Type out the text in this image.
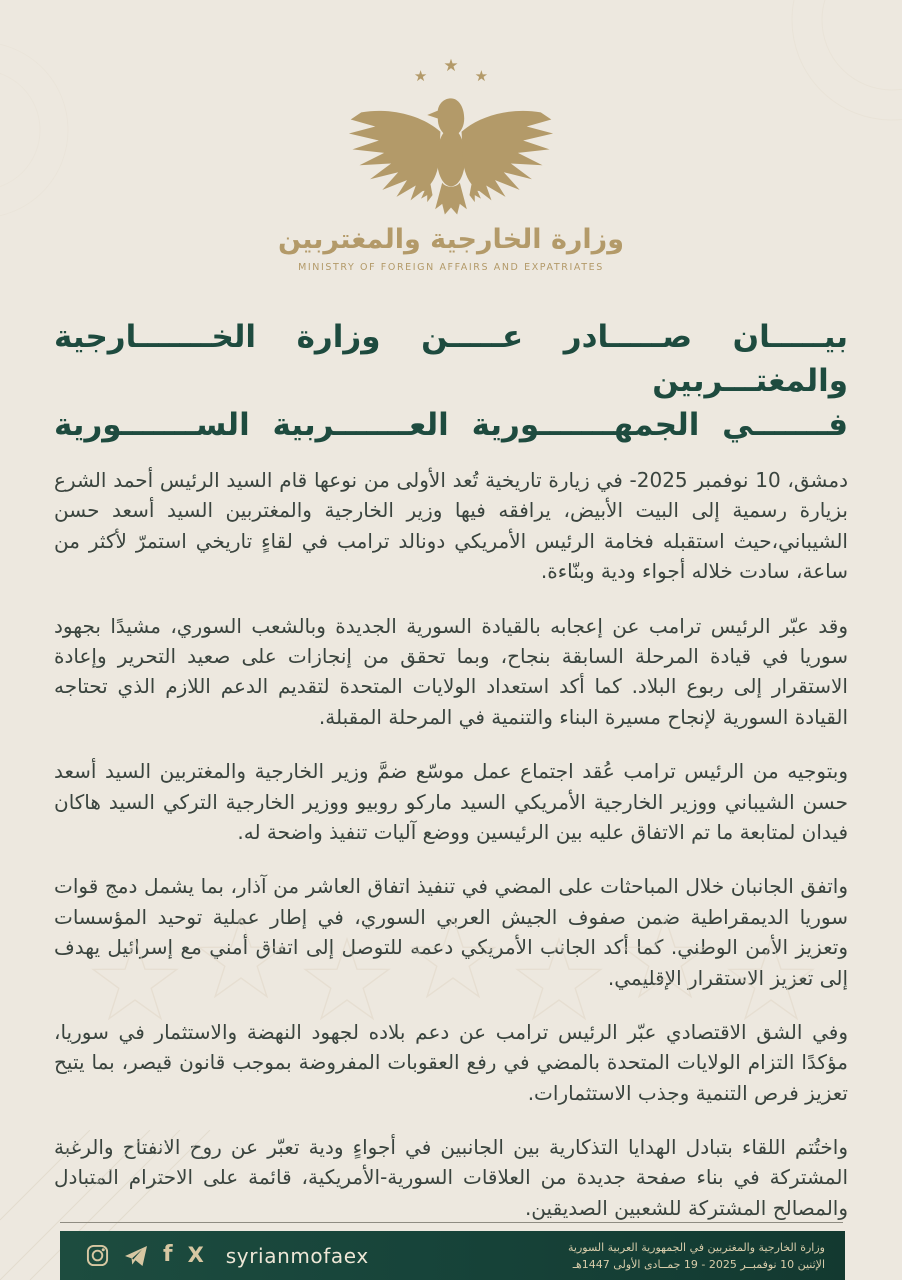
★ ★ ★
وزارة الخارجية والمغتربين
MINISTRY OF FOREIGN AFFAIRS AND EXPATRIATES
بيـــــان صـــــادر عـــــن وزارة الخـــــــارجية والمغتـــربين
فـــــــي الجمهـــــــورية العـــــــربية الســـــــورية

دمشق، 10 نوفمبر 2025- في زيارة تاريخية تُعد الأولى من نوعها قام السيد الرئيس أحمد الشرع بزيارة رسمية إلى البيت الأبيض، يرافقه فيها وزير الخارجية والمغتربين السيد أسعد حسن الشيباني،حيث استقبله فخامة الرئيس الأمريكي دونالد ترامب في لقاءٍ تاريخي استمرّ لأكثر من ساعة، سادت خلاله أجواء ودية وبنّاءة.

وقد عبّر الرئيس ترامب عن إعجابه بالقيادة السورية الجديدة وبالشعب السوري، مشيدًا بجهود سوريا في قيادة المرحلة السابقة بنجاح، وبما تحقق من إنجازات على صعيد التحرير وإعادة الاستقرار إلى ربوع البلاد. كما أكد استعداد الولايات المتحدة لتقديم الدعم اللازم الذي تحتاجه القيادة السورية لإنجاح مسيرة البناء والتنمية في المرحلة المقبلة.

وبتوجيه من الرئيس ترامب عُقد اجتماع عمل موسّع ضمَّ وزير الخارجية والمغتربين السيد أسعد حسن الشيباني ووزير الخارجية الأمريكي السيد ماركو روبيو ووزير الخارجية التركي السيد هاكان فيدان لمتابعة ما تم الاتفاق عليه بين الرئيسين ووضع آليات تنفيذ واضحة له.

واتفق الجانبان خلال المباحثات على المضي في تنفيذ اتفاق العاشر من آذار، بما يشمل دمج قوات سوريا الديمقراطية ضمن صفوف الجيش العربي السوري، في إطار عملية توحيد المؤسسات وتعزيز الأمن الوطني. كما أكد الجانب الأمريكي دعمه للتوصل إلى اتفاق أمني مع إسرائيل يهدف إلى تعزيز الاستقرار الإقليمي.

وفي الشق الاقتصادي عبّر الرئيس ترامب عن دعم بلاده لجهود النهضة والاستثمار في سوريا، مؤكدًا التزام الولايات المتحدة بالمضي في رفع العقوبات المفروضة بموجب قانون قيصر، بما يتيح تعزيز فرص التنمية وجذب الاستثمارات.

واختُتم اللقاء بتبادل الهدايا التذكارية بين الجانبين في أجواءٍ ودية تعبّر عن روح الانفتاح والرغبة المشتركة في بناء صفحة جديدة من العلاقات السورية-الأمريكية، قائمة على الاحترام المتبادل والمصالح المشتركة للشعبين الصديقين.

f X syrianmofaex	وزارة الخارجية والمغتربين في الجمهورية العربية السورية
الإثنين 10 نوفمبــر 2025 - 19 جمــادى الأولى 1447هـ
